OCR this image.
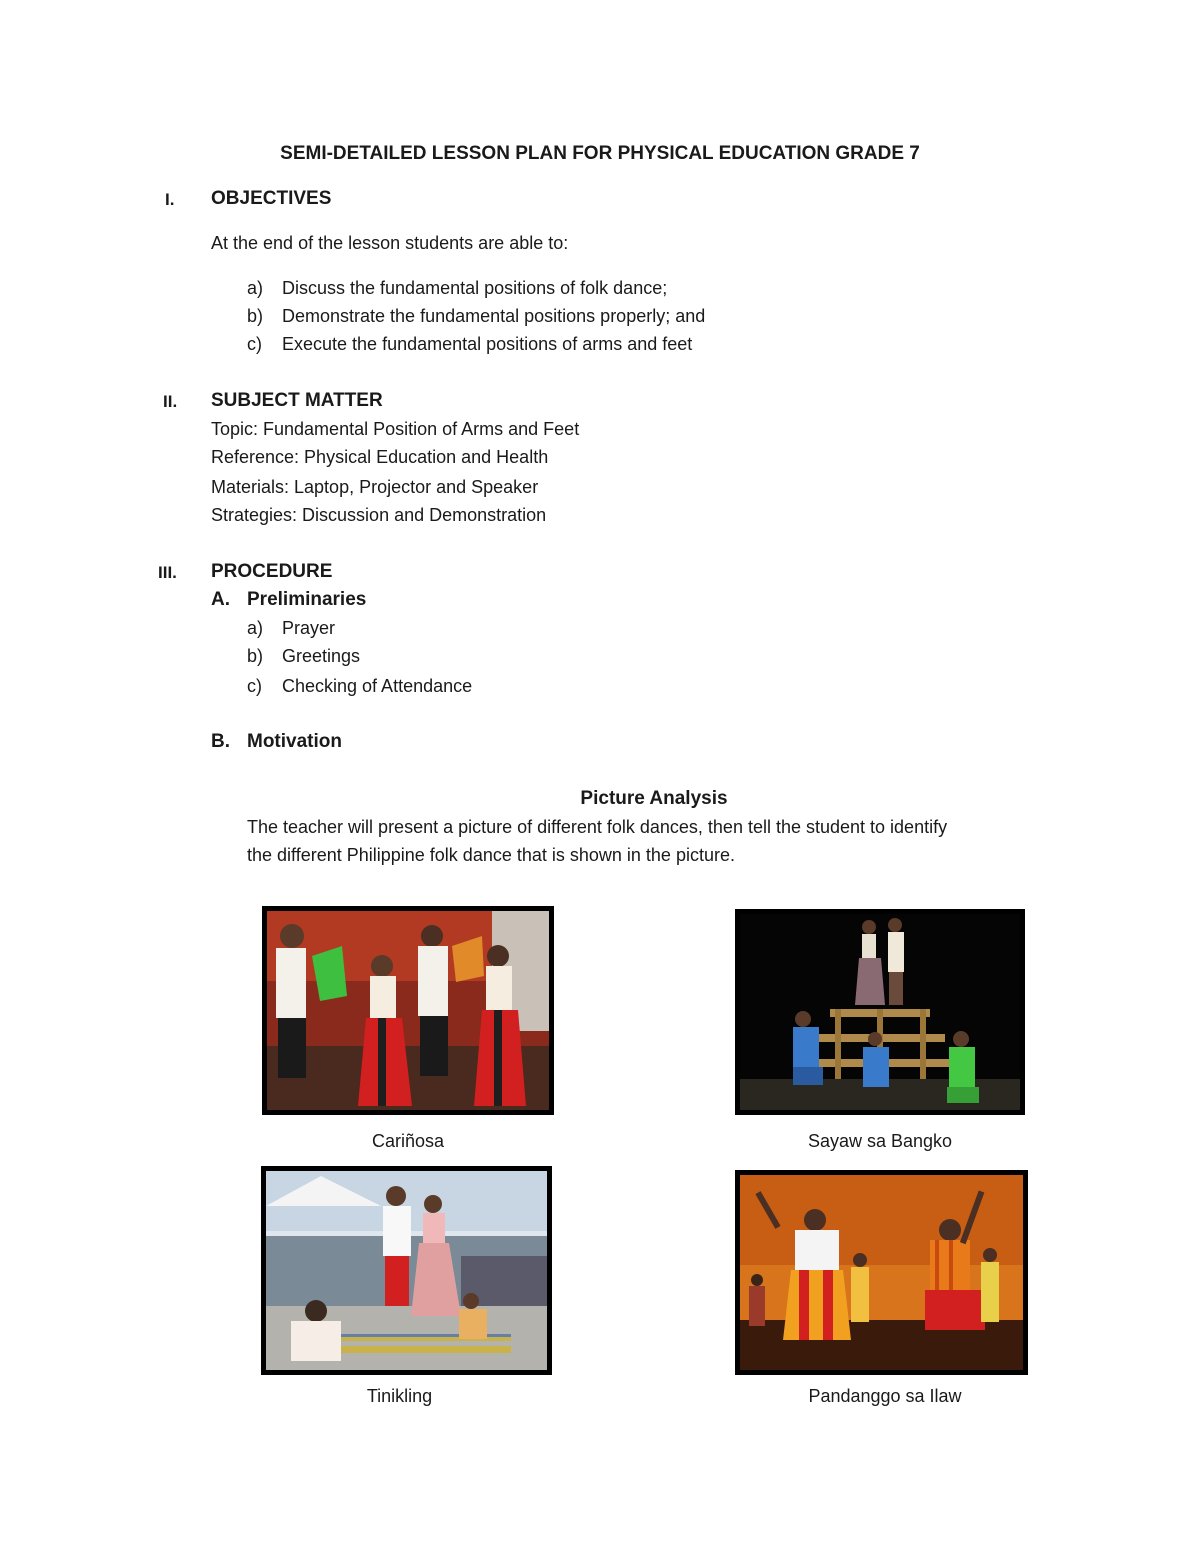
SEMI-DETAILED LESSON PLAN FOR PHYSICAL EDUCATION GRADE 7
I. OBJECTIVES
At the end of the lesson students are able to:
a) Discuss the fundamental positions of folk dance;
b) Demonstrate the fundamental positions properly; and
c) Execute the fundamental positions of arms and feet
II. SUBJECT MATTER
Topic: Fundamental Position of Arms and Feet
Reference: Physical Education and Health
Materials: Laptop, Projector and Speaker
Strategies: Discussion and Demonstration
III. PROCEDURE
A. Preliminaries
a) Prayer
b) Greetings
c) Checking of Attendance
B. Motivation
Picture Analysis
The teacher will present a picture of different folk dances, then tell the student to identify
the different Philippine folk dance that is shown in the picture.
Cariñosa	Sayaw sa Bangko
Tinikling	Pandanggo sa Ilaw
